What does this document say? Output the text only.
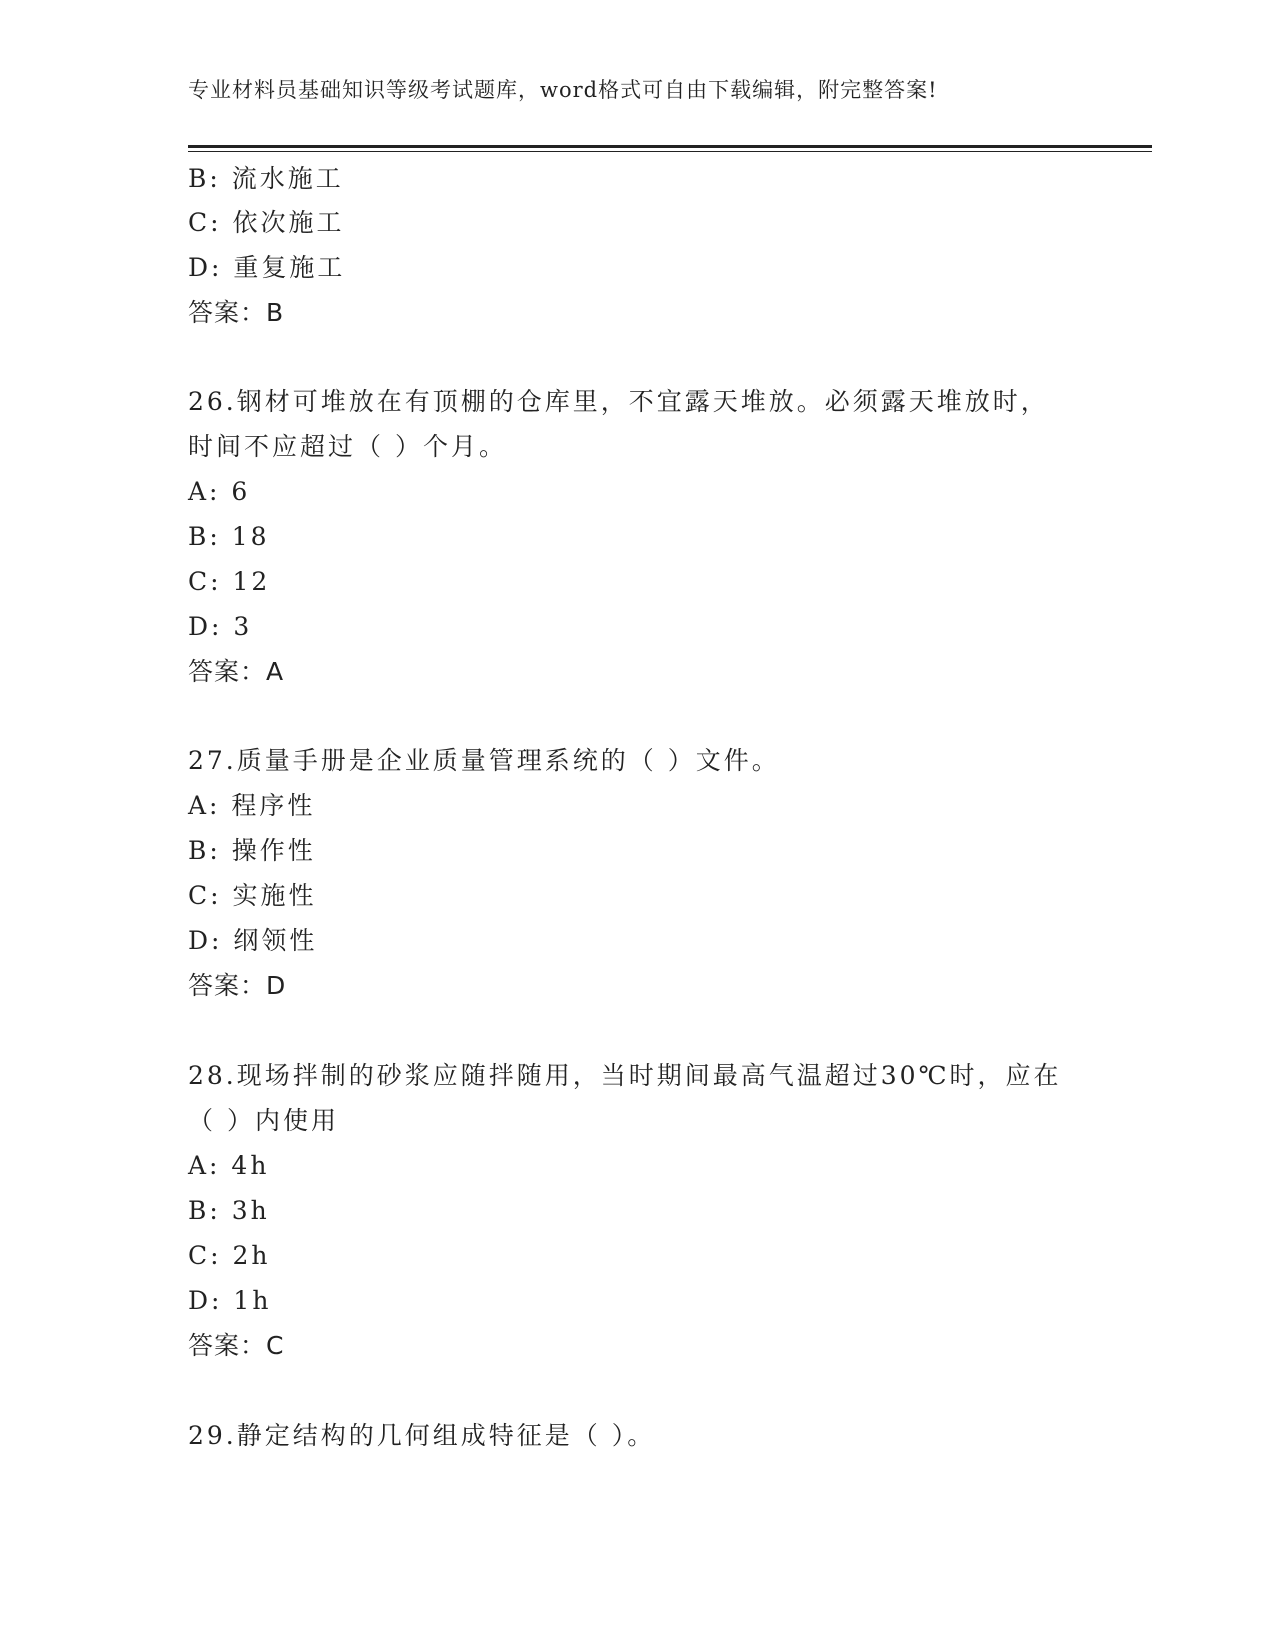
专业材料员基础知识等级考试题库，word格式可自由下载编辑，附完整答案!
B: 流水施工
C: 依次施工
D: 重复施工
答案：B
26.钢材可堆放在有顶棚的仓库里，不宜露天堆放。必须露天堆放时，
时间不应超过（ ）个月。
A: 6
B: 18
C: 12
D: 3
答案：A
27.质量手册是企业质量管理系统的（ ）文件。
A: 程序性
B: 操作性
C: 实施性
D: 纲领性
答案：D
28.现场拌制的砂浆应随拌随用，当时期间最高气温超过30℃时，应在
（ ）内使用
A: 4h
B: 3h
C: 2h
D: 1h
答案：C
29.静定结构的几何组成特征是（ ）。
